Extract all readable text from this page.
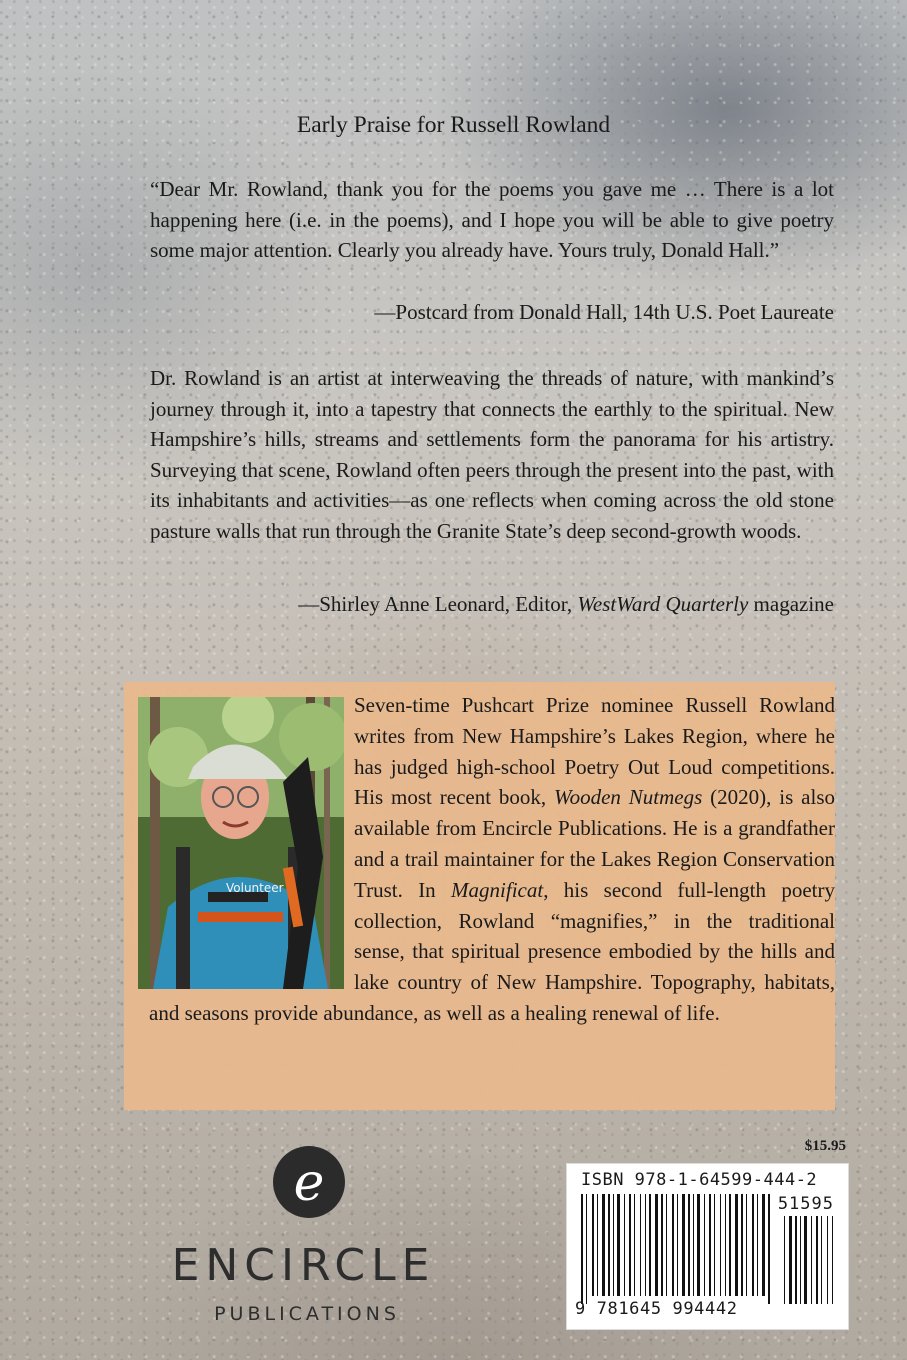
Early Praise for Russell Rowland

“Dear Mr. Rowland, thank you for the poems you gave me … There is a lot happening here (i.e. in the poems), and I hope you will be able to give poetry some major attention. Clearly you already have. Yours truly, Donald Hall.”

—Postcard from Donald Hall, 14th U.S. Poet Laureate

Dr. Rowland is an artist at interweaving the threads of nature, with mankind’s journey through it, into a tapestry that connects the earthly to the spiritual. New Hampshire’s hills, streams and settlements form the panorama for his artistry. Surveying that scene, Rowland often peers through the present into the past, with its inhabitants and activities—as one reflects when coming across the old stone pasture walls that run through the Granite State’s deep second-growth woods.

—Shirley Anne Leonard, Editor, WestWard Quarterly magazine
Volunteer

Seven-time Pushcart Prize nominee Russell Rowland writes from New Hampshire’s Lakes Region, where he has judged high-school Poetry Out Loud competitions. His most recent book, Wooden Nutmegs (2020), is also available from Encircle Publications. He is a grandfather and a trail maintainer for the Lakes Region Conservation Trust. In Magnificat, his second full-length poetry collection, Rowland “magnifies,” in the traditional sense, that spiritual presence embodied by the hills and lake country of New Hampshire. Topography, habitats, and seasons provide abundance, as well as a healing renewal of life.

$15.95
ISBN 978-1-64599-444-2
51595
9 781645 994442
e
ENCIRCLE
PUBLICATIONS
